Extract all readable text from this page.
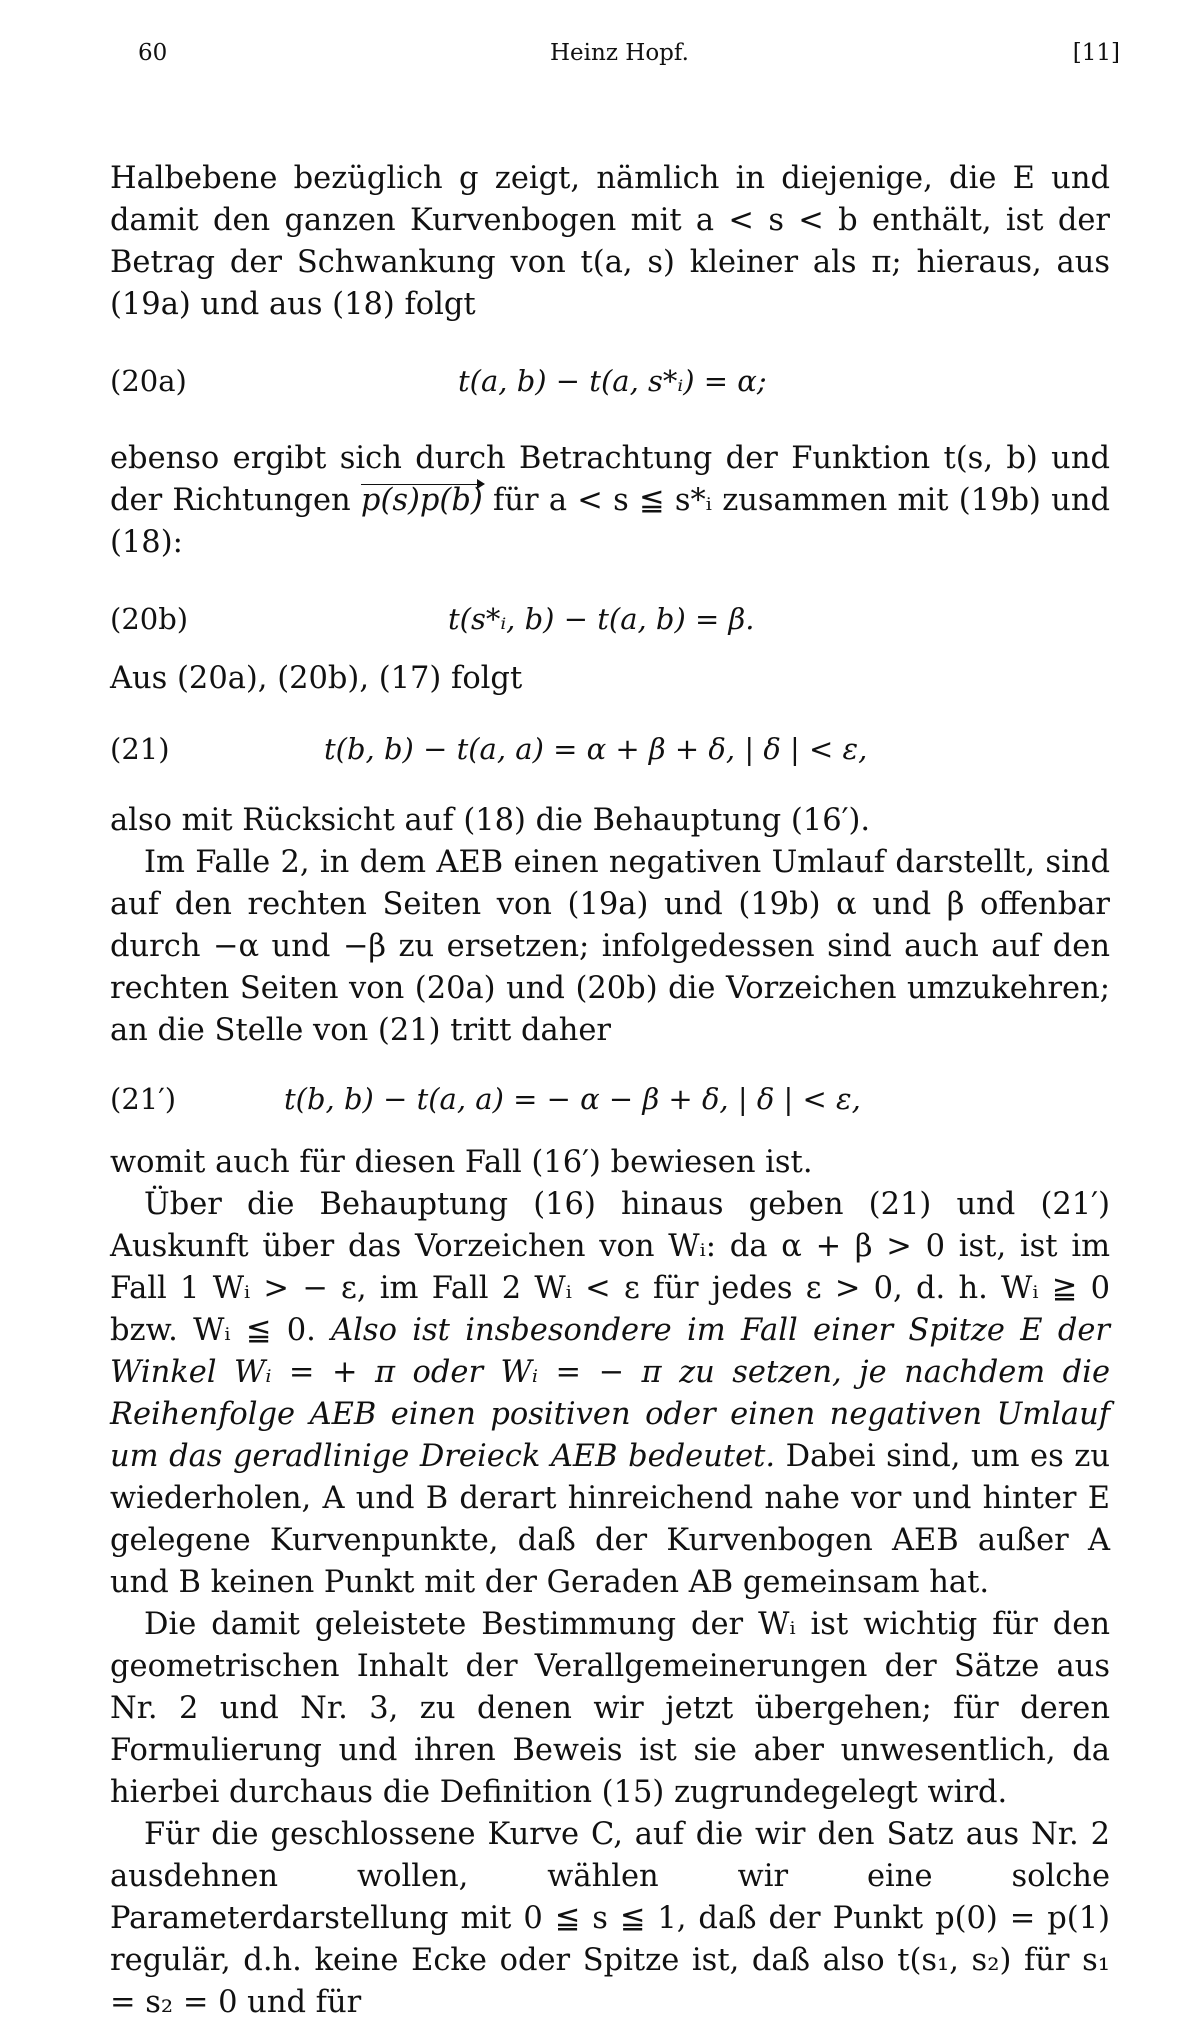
60	Heinz Hopf.	[11]

Halbebene bezüglich g zeigt, nämlich in diejenige, die E und damit den ganzen Kurvenbogen mit a < s < b enthält, ist der Betrag der Schwankung von t(a, s) kleiner als π; hieraus, aus (19a) und aus (18) folgt

(20a)	t(a, b) − t(a, s*ᵢ) = α;

ebenso ergibt sich durch Betrachtung der Funktion t(s, b) und der Richtungen p(s)p(b) für a < s ≦ s*ᵢ zusammen mit (19b) und (18):

(20b)	t(s*ᵢ, b) − t(a, b) = β.

Aus (20a), (20b), (17) folgt

(21)	t(b, b) − t(a, a) = α + β + δ, | δ | < ε,

also mit Rücksicht auf (18) die Behauptung (16′).

Im Falle 2, in dem AEB einen negativen Umlauf darstellt, sind auf den rechten Seiten von (19a) und (19b) α und β offenbar durch −α und −β zu ersetzen; infolgedessen sind auch auf den rechten Seiten von (20a) und (20b) die Vorzeichen umzukehren; an die Stelle von (21) tritt daher

(21′)	t(b, b) − t(a, a) = − α − β + δ, | δ | < ε,

womit auch für diesen Fall (16′) bewiesen ist.

Über die Behauptung (16) hinaus geben (21) und (21′) Auskunft über das Vorzeichen von Wᵢ: da α + β > 0 ist, ist im Fall 1 Wᵢ > − ε, im Fall 2 Wᵢ < ε für jedes ε > 0, d. h. Wᵢ ≧ 0 bzw. Wᵢ ≦ 0. Also ist insbesondere im Fall einer Spitze E der Winkel Wᵢ = + π oder Wᵢ = − π zu setzen, je nachdem die Reihenfolge AEB einen positiven oder einen negativen Umlauf um das geradlinige Dreieck AEB bedeutet. Dabei sind, um es zu wiederholen, A und B derart hinreichend nahe vor und hinter E gelegene Kurvenpunkte, daß der Kurvenbogen AEB außer A und B keinen Punkt mit der Geraden AB gemeinsam hat.

Die damit geleistete Bestimmung der Wᵢ ist wichtig für den geometrischen Inhalt der Verallgemeinerungen der Sätze aus Nr. 2 und Nr. 3, zu denen wir jetzt übergehen; für deren Formulierung und ihren Beweis ist sie aber unwesentlich, da hierbei durchaus die Definition (15) zugrundegelegt wird.

Für die geschlossene Kurve C, auf die wir den Satz aus Nr. 2 ausdehnen wollen, wählen wir eine solche Parameterdarstellung mit 0 ≦ s ≦ 1, daß der Punkt p(0) = p(1) regulär, d.h. keine Ecke oder Spitze ist, daß also t(s₁, s₂) für s₁ = s₂ = 0 und für
